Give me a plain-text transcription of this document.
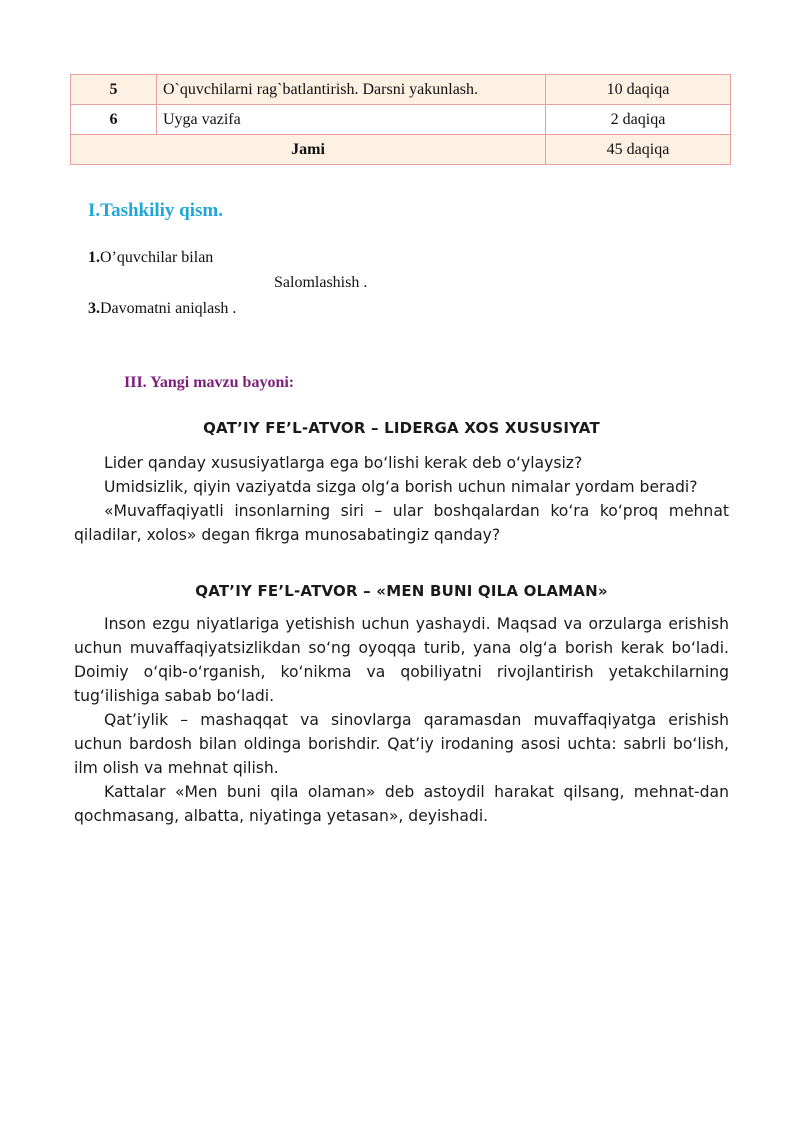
5	O`quvchilarni rag`batlantirish. Darsni yakunlash.	10 daqiqa
6	Uyga vazifa	2 daqiqa
Jami		45 daqiqa
I.Tashkiliy qism.
1.O’quvchilar bilan
Salomlashish .
3.Davomatni aniqlash .
III. Yangi mavzu bayoni:
QAT’IY FE’L-ATVOR – LIDERGA XOS XUSUSIYAT

Lider qanday xususiyatlarga ega bo‘lishi kerak deb o‘ylaysiz?

Umidsizlik, qiyin vaziyatda sizga olg‘a borish uchun nimalar yordam beradi?

«Muvaffaqiyatli insonlarning siri – ular boshqalardan ko‘ra ko‘proq mehnat qiladilar, xolos» degan fikrga munosabatingiz qanday?

QAT’IY FE’L-ATVOR – «MEN BUNI QILA OLAMAN»

Inson ezgu niyatlariga yetishish uchun yashaydi. Maqsad va orzularga erishish uchun muvaffaqiyatsizlikdan so‘ng oyoqqa turib, yana olg‘a borish kerak bo‘ladi. Doimiy o‘qib-o‘rganish, ko‘nikma va qobiliyatni rivojlantirish yetakchilarning tug‘ilishiga sabab bo‘ladi.

Qat’iylik – mashaqqat va sinovlarga qaramasdan muvaffaqiyatga erishish uchun bardosh bilan oldinga borishdir. Qat’iy irodaning asosi uchta: sabrli bo‘lish, ilm olish va mehnat qilish.

Kattalar «Men buni qila olaman» deb astoydil harakat qilsang, mehnat-dan qochmasang, albatta, niyatinga yetasan», deyishadi.
